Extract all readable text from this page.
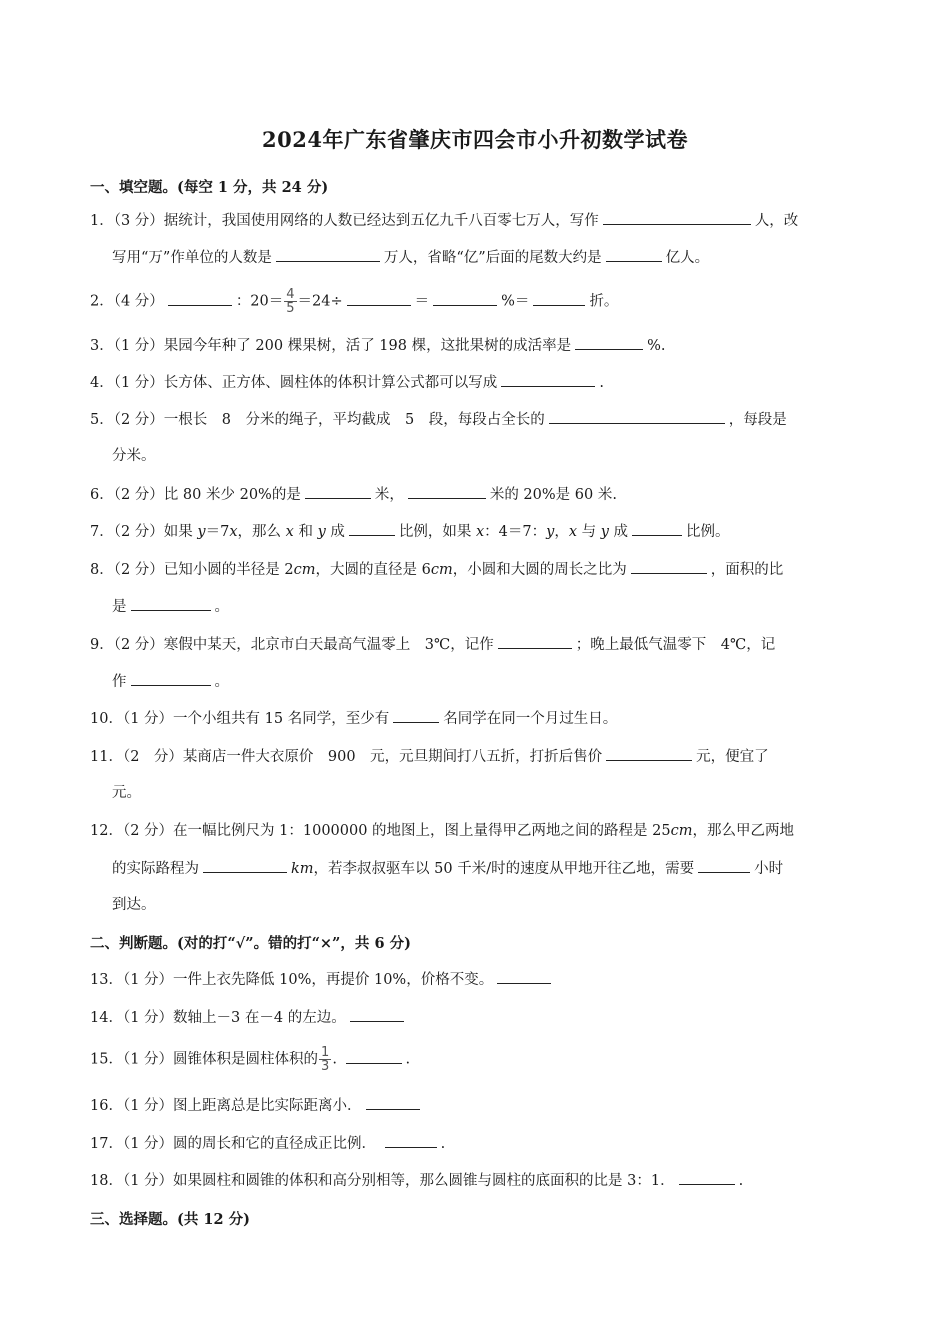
2024年广东省肇庆市四会市小升初数学试卷
一、填空题。(每空 1 分，共 24 分)
1．（3 分）据统计，我国使用网络的人数已经达到五亿九千八百零七万人，写作	人，改
写用“万”作单位的人数是	万人，省略“亿”后面的尾数大约是	亿人。
2．（4 分）	：$20= \frac{4}{5} =24\div$	＝	%＝	折。
3．（1 分）果园今年种了 200 棵果树，活了 198 棵，这批果树的成活率是	%.
4．（1 分）长方体、正方体、圆柱体的体积计算公式都可以写成	.
5．（2 分）一根长　8　分米的绳子，平均截成　5　段，每段占全长的	，每段是
分米。
6．（2 分）比 80 米少 20%的是	米，	米的 20%是 60 米.
7．（2 分）如果 y＝7x，那么 x 和 y 成	比例，如果 x：4＝7：y，x 与 y 成	比例。
8．（2 分）已知小圆的半径是 2cm，大圆的直径是 6cm，小圆和大圆的周长之比为	，面积的比
是	。
9．（2 分）寒假中某天，北京市白天最高气温零上　3℃，记作	；晚上最低气温零下　4℃，记
作	。
10．（1 分）一个小组共有 15 名同学，至少有	名同学在同一个月过生日。
11．（2　分）某商店一件大衣原价　900　元，元旦期间打八五折，打折后售价	元，便宜了
元。
12．（2 分）在一幅比例尺为 1：1000000 的地图上，图上量得甲乙两地之间的路程是 25cm，那么甲乙两地
的实际路程为	km，若李叔叔驱车以 50 千米/时的速度从甲地开往乙地，需要	小时
到达。
二、判断题。(对的打“√”。错的打“×”，共 6 分)
13．（1 分）一件上衣先降低 10%，再提价 10%，价格不变。
14．（1 分）数轴上－3 在－4 的左边。
15．（1 分）圆锥体积是圆柱体积的 $\frac{1}{3}$ .	.
16．（1 分）图上距离总是比实际距离小．
17．（1 分）圆的周长和它的直径成正比例．	.
18．（1 分）如果圆柱和圆锥的体积和高分别相等，那么圆锥与圆柱的底面积的比是 3：1．	.
三、选择题。(共 12 分)
